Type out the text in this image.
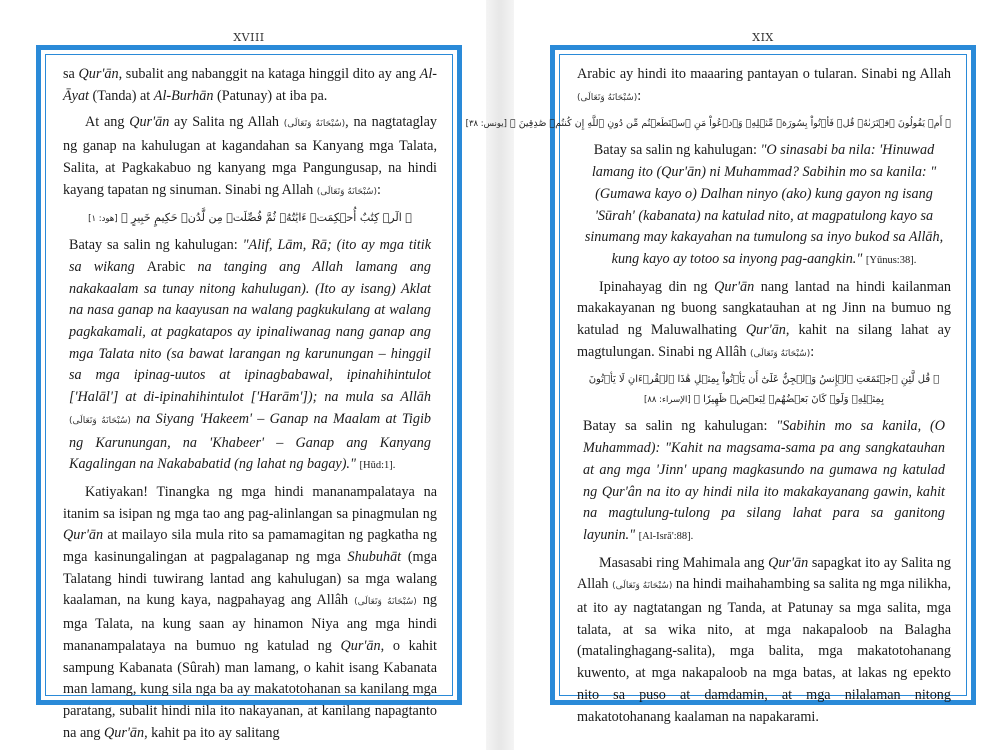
XVIII

sa Qur'ān, subalit ang nabanggit na kataga hinggil dito ay ang Al-Āyat (Tanda) at Al-Burhān (Patunay) at iba pa.

At ang Qur'ān ay Salita ng Allah (سُبْحَانَهُ وَتَعَالَى), na nagtataglay ng ganap na kahulugan at kagandahan sa Kanyang mga Talata, Salita, at Pagkakabuo ng kanyang mga Pangungusap, na hindi kayang tapatan ng sinuman. Sinabi ng Allah (سُبْحَانَهُ وَتَعَالَى):

﴿ الٓرۚ كِتَٰبٌ أُحۡكِمَتۡ ءَايَٰتُهُۥ ثُمَّ فُصِّلَتۡ مِن لَّدُنۡ حَكِيمٍ خَبِيرٍ ﴾ [هود: ١]

Batay sa salin ng kahulugan: "Alif, Lām, Rā; (ito ay mga titik sa wikang Arabic na tanging ang Allah lamang ang nakakaalam sa tunay nitong kahulugan). (Ito ay isang) Aklat na nasa ganap na kaayusan na walang pagkukulang at walang pagkakamali, at pagkatapos ay ipinaliwanag nang ganap ang mga Talata nito (sa bawat larangan ng karunungan – hinggil sa mga ipinag-uutos at ipinagbabawal, ipinahihintulot ['Halāl'] at di-ipinahihintulot ['Harām']); na mula sa Allāh (سُبْحَانَهُ وَتَعَالَى) na Siyang 'Hakeem' – Ganap na Maalam at Tigib ng Karunungan, na 'Khabeer' – Ganap ang Kanyang Kagalingan na Nakababatid (ng lahat ng bagay)." [Hūd:1].

Katiyakan! Tinangka ng mga hindi mananampalataya na itanim sa isipan ng mga tao ang pag-alinlangan sa pinagmulan ng Qur'ān at mailayo sila mula rito sa pamamagitan ng pagkatha ng mga kasinungalingan at pagpalaganap ng mga Shubuhāt (mga Talatang hindi tuwirang lantad ang kahulugan) sa mga walang kaalaman, na kung kaya, nagpahayag ang Allâh (سُبْحَانَهُ وَتَعَالَى) ng mga Talata, na kung saan ay hinamon Niya ang mga hindi mananampalataya na bumuo ng katulad ng Qur'ān, o kahit sampung Kabanata (Sûrah) man lamang, o kahit isang Kabanata man lamang, kung sila nga ba ay makatotohanan sa kanilang mga paratang, subalit hindi nila ito nakayanan, at kanilang napagtanto na ang Qur'ān, kahit pa ito ay salitang

XIX

Arabic ay hindi ito maaaring pantayan o tularan. Sinabi ng Allah (سُبْحَانَهُ وَتَعَالَى):

﴿ أَمۡ يَقُولُونَ ٱفۡتَرَىٰهُۖ قُلۡ فَأۡتُواْ بِسُورَةٖ مِّثۡلِهِۦ وَٱدۡعُواْ مَنِ ٱسۡتَطَعۡتُم مِّن دُونِ ٱللَّهِ إِن كُنتُمۡ صَٰدِقِينَ ﴾ [يونس: ٣٨]

Batay sa salin ng kahulugan: "O sinasabi ba nila: 'Hinuwad lamang ito (Qur'ān) ni Muhammad? Sabihin mo sa kanila: "(Gumawa kayo o) Dalhan ninyo (ako) kung gayon ng isang 'Sūrah' (kabanata) na katulad nito, at magpatulong kayo sa sinumang may kakayahan na tumulong sa inyo bukod sa Allāh, kung kayo ay totoo sa inyong pag-aangkin." [Yūnus:38].

Ipinahayag din ng Qur'ān nang lantad na hindi kailanman makakayanan ng buong sangkatauhan at ng Jinn na bumuo ng katulad ng Maluwalhating Qur'ān, kahit na silang lahat ay magtulungan. Sinabi ng Allâh (سُبْحَانَهُ وَتَعَالَى):

﴿ قُل لَّئِنِ ٱجۡتَمَعَتِ ٱلۡإِنسُ وَٱلۡجِنُّ عَلَىٰٓ أَن يَأۡتُواْ بِمِثۡلِ هَٰذَا ٱلۡقُرۡءَانِ لَا يَأۡتُونَ بِمِثۡلِهِۦ وَلَوۡ كَانَ بَعۡضُهُمۡ لِبَعۡضٖ ظَهِيرٗا ﴾ [الإسراء: ٨٨]

Batay sa salin ng kahulugan: "Sabihin mo sa kanila, (O Muhammad): "Kahit na magsama-sama pa ang sangkatauhan at ang mga 'Jinn' upang magkasundo na gumawa ng katulad ng Qur'ân na ito ay hindi nila ito makakayanang gawin, kahit na magtulung-tulong pa silang lahat para sa ganitong layunin." [Al-Isrā':88].

Masasabi ring Mahimala ang Qur'ān sapagkat ito ay Salita ng Allah (سُبْحَانَهُ وَتَعَالَى) na hindi maihahambing sa salita ng mga nilikha, at ito ay nagtatangan ng Tanda, at Patunay sa mga salita, mga talata, at sa wika nito, at mga nakapaloob na Balagha (matalinghagang-salita), mga balita, mga makatotohanang kuwento, at mga nakapaloob na mga batas, at lakas ng epekto nito sa puso at damdamin, at mga nilalaman nitong makatotohanang kaalaman na napakarami.
